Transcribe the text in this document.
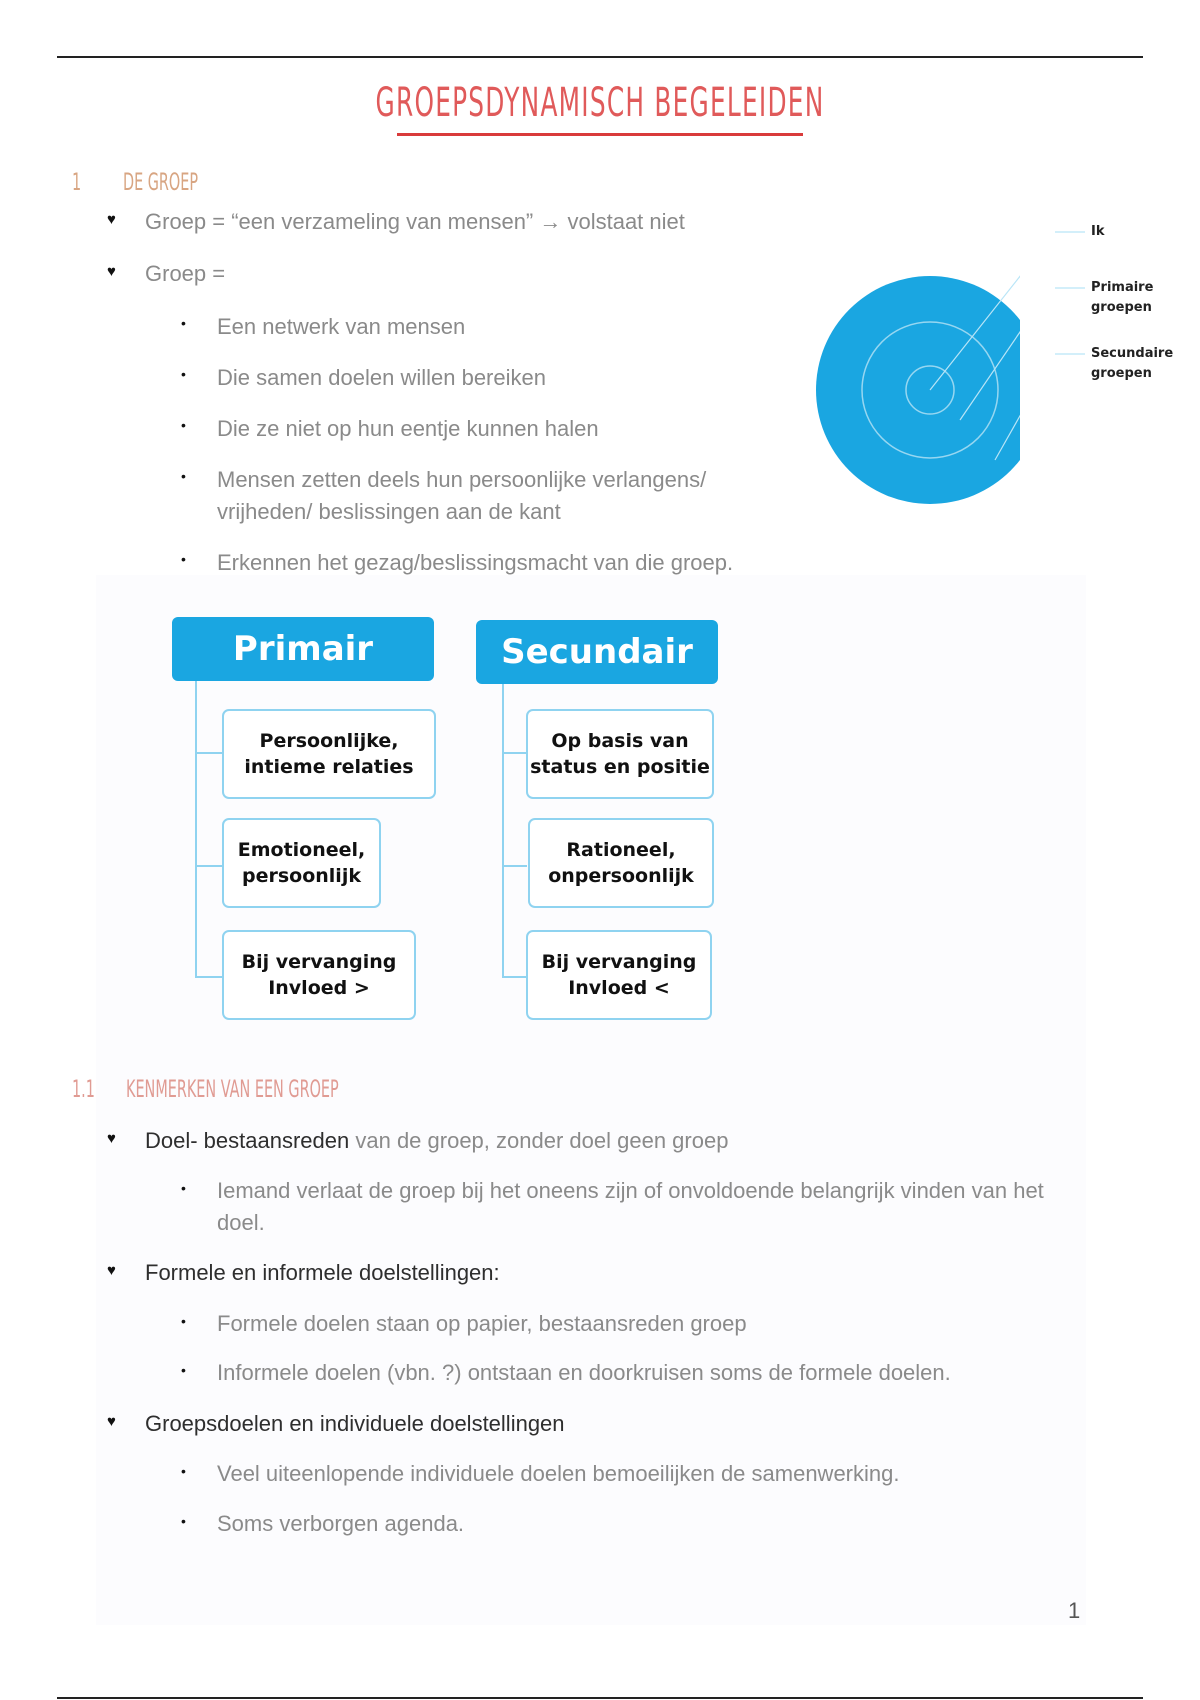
GROEPSDYNAMISCH BEGELEIDEN
1 DE GROEP
♥ Groep = “een verzameling van mensen” → volstaat niet
♥ Groep =
• Een netwerk van mensen
• Die samen doelen willen bereiken
• Die ze niet op hun eentje kunnen halen
• Mensen zetten deels hun persoonlijke verlangens/ vrijheden/ beslissingen aan de kant
• Erkennen het gezag/beslissingsmacht van die groep.
Ik
Primaire groepen
Secundaire groepen
Primair
Persoonlijke, intieme relaties
Emotioneel, persoonlijk
Bij vervanging Invloed >
Secundair
Op basis van status en positie
Rationeel, onpersoonlijk
Bij vervanging Invloed <
1.1 KENMERKEN VAN EEN GROEP
♥ Doel- bestaansreden van de groep, zonder doel geen groep
• Iemand verlaat de groep bij het oneens zijn of onvoldoende belangrijk vinden van het doel.
♥ Formele en informele doelstellingen:
• Formele doelen staan op papier, bestaansreden groep
• Informele doelen (vbn. ?) ontstaan en doorkruisen soms de formele doelen.
♥ Groepsdoelen en individuele doelstellingen
• Veel uiteenlopende individuele doelen bemoeilijken de samenwerking.
• Soms verborgen agenda.
1
